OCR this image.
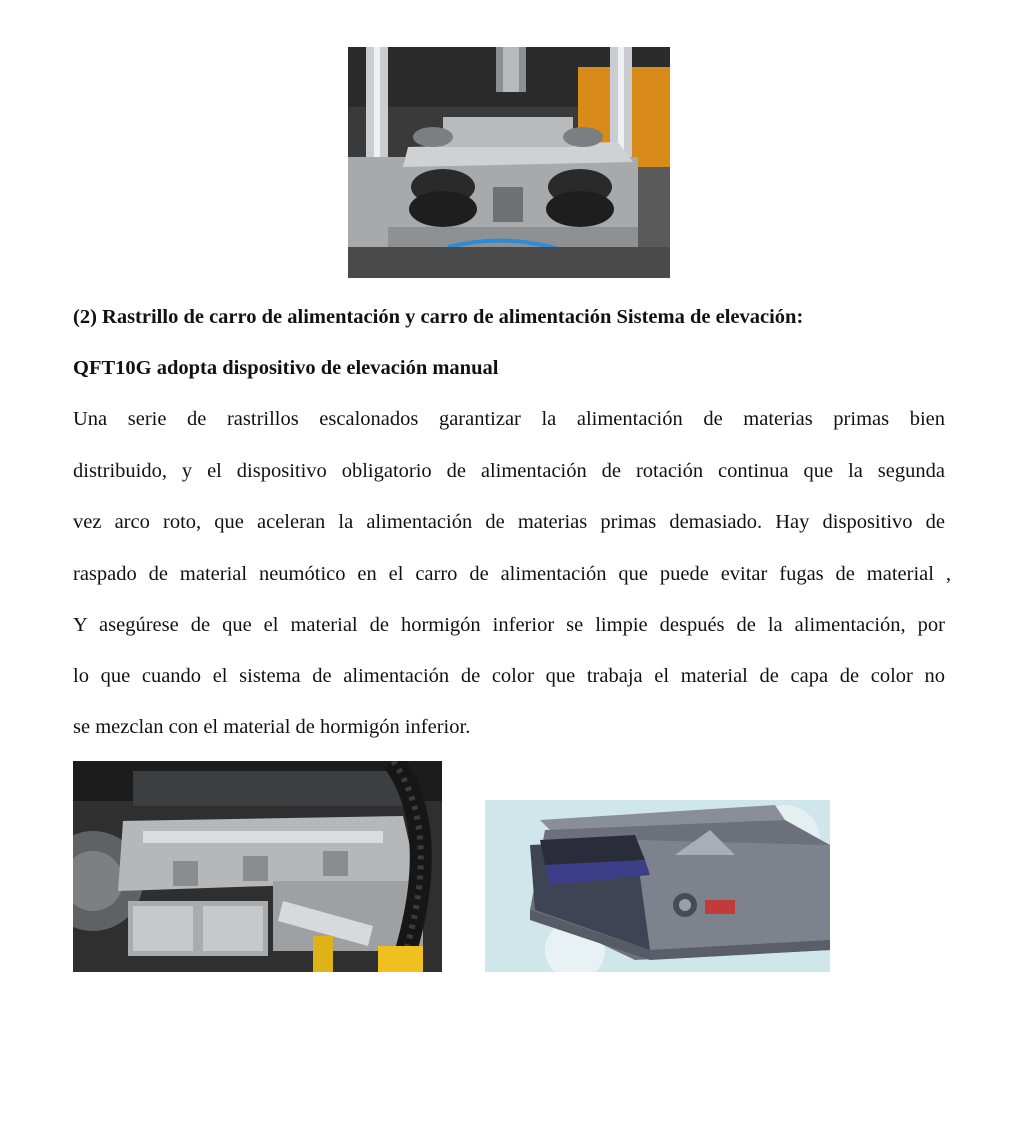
(2) Rastrillo de carro de alimentación y carro de alimentación Sistema de elevación:
QFT10G adopta dispositivo de elevación manual
Una serie de rastrillos escalonados garantizar la alimentación de materias primas bien
distribuido, y el dispositivo obligatorio de alimentación de rotación continua que la segunda
vez arco roto, que aceleran la alimentación de materias primas demasiado. Hay dispositivo de
raspado de material neumótico en el carro de alimentación que puede evitar fugas de material ,
Y asegúrese de que el material de hormigón inferior se limpie después de la alimentación, por
lo que cuando el sistema de alimentación de color que trabaja el material de capa de color no
se mezclan con el material de hormigón inferior.
